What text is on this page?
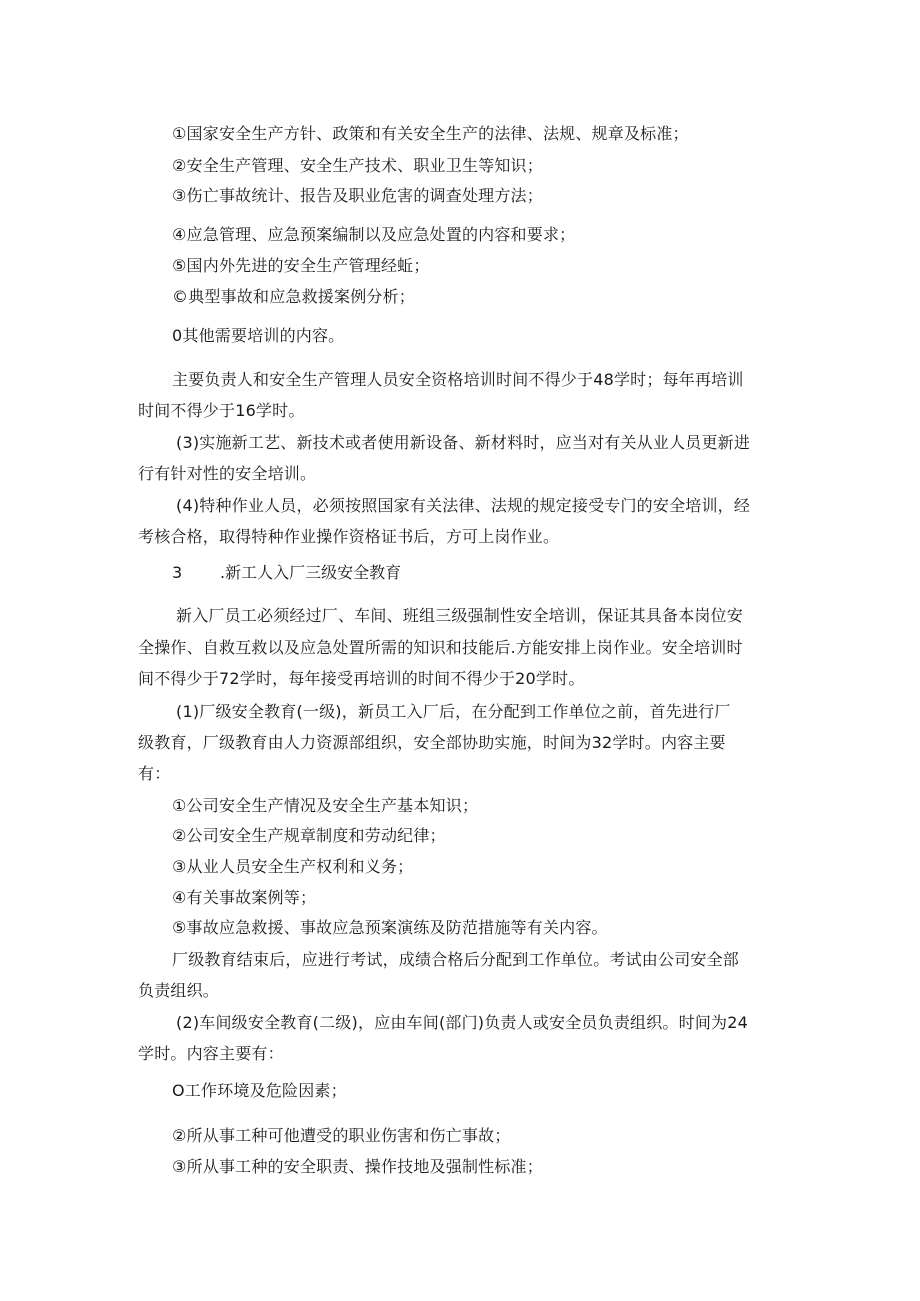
①国家安全生产方针、政策和有关安全生产的法律、法规、规章及标准；
②安全生产管理、安全生产技术、职业卫生等知识；
③伤亡事故统计、报告及职业危害的调查处理方法；
④应急管理、应急预案编制以及应急处置的内容和要求；
⑤国内外先进的安全生产管理经蚯；
©典型事故和应急救援案例分析；
0其他需要培训的内容。
主要负责人和安全生产管理人员安全资格培训时间不得少于48学时；每年再培训
时间不得少于16学时。
(3)实施新工艺、新技术或者使用新设备、新材料时，应当对有关从业人员更新进
行有针对性的安全培训。
(4)特种作业人员，必须按照国家有关法律、法规的规定接受专门的安全培训，经
考核合格，取得特种作业操作资格证书后，方可上岗作业。
3 .新工人入厂三级安全教育
新入厂员工必须经过厂、车间、班组三级强制性安全培训，保证其具备本岗位安
全操作、自救互救以及应急处置所需的知识和技能后.方能安排上岗作业。安全培训时
间不得少于72学时，每年接受再培训的时间不得少于20学时。
(1)厂级安全教育(一级)，新员工入厂后，在分配到工作单位之前，首先进行厂
级教育，厂级教育由人力资源部组织，安全部协助实施，时间为32学时。内容主要
有：
①公司安全生产情况及安全生产基本知识；
②公司安全生产规章制度和劳动纪律；
③从业人员安全生产权利和义务；
④有关事故案例等；
⑤事故应急救援、事故应急预案演练及防范措施等有关内容。
厂级教育结束后，应进行考试，成绩合格后分配到工作单位。考试由公司安全部
负责组织。
(2)车间级安全教育(二级)，应由车间(部门)负责人或安全员负责组织。时间为24
学时。内容主要有：
O工作环境及危险因素；
②所从事工种可他遭受的职业伤害和伤亡事故；
③所从事工种的安全职责、操作技地及强制性标准；
